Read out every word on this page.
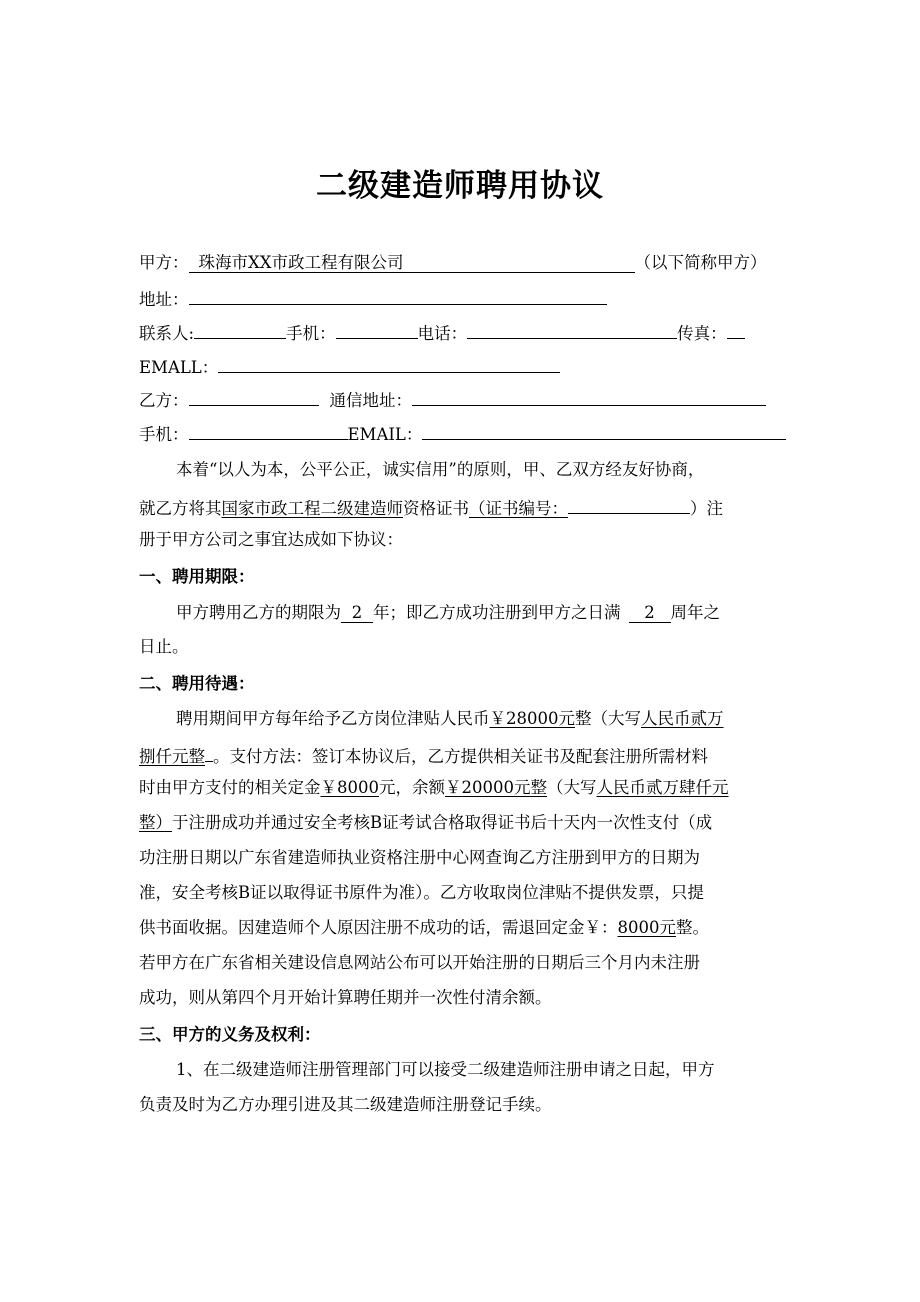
二级建造师聘用协议
甲方： 珠海市XX市政工程有限公司	（以下简称甲方）
地址：
联系人:	手机：	电话：	传真：
EMALL：
乙方：	通信地址：
手机：	EMAIL：
本着“以人为本，公平公正，诚实信用”的原则，甲、乙双方经友好协商，
就乙方将其国家市政工程二级建造师资格证书（证书编号：	）注
册于甲方公司之事宜达成如下协议：
一、聘用期限：
甲方聘用乙方的期限为 2 年；即乙方成功注册到甲方之日满 2 周年之
日止。
二、聘用待遇：
聘用期间甲方每年给予乙方岗位津贴人民币￥28000元整（大写人民币贰万
捌仟元整 。支付方法：签订本协议后，乙方提供相关证书及配套注册所需材料
时由甲方支付的相关定金￥8000元，余额￥20000元整（大写人民币贰万肆仟元
整）于注册成功并通过安全考核B证考试合格取得证书后十天内一次性支付（成
功注册日期以广东省建造师执业资格注册中心网查询乙方注册到甲方的日期为
准，安全考核B证以取得证书原件为准）。乙方收取岗位津贴不提供发票，只提
供书面收据。因建造师个人原因注册不成功的话，需退回定金￥：8000元整。
若甲方在广东省相关建设信息网站公布可以开始注册的日期后三个月内未注册
成功，则从第四个月开始计算聘任期并一次性付清余额。
三、甲方的义务及权利：
1、在二级建造师注册管理部门可以接受二级建造师注册申请之日起，甲方
负责及时为乙方办理引进及其二级建造师注册登记手续。
